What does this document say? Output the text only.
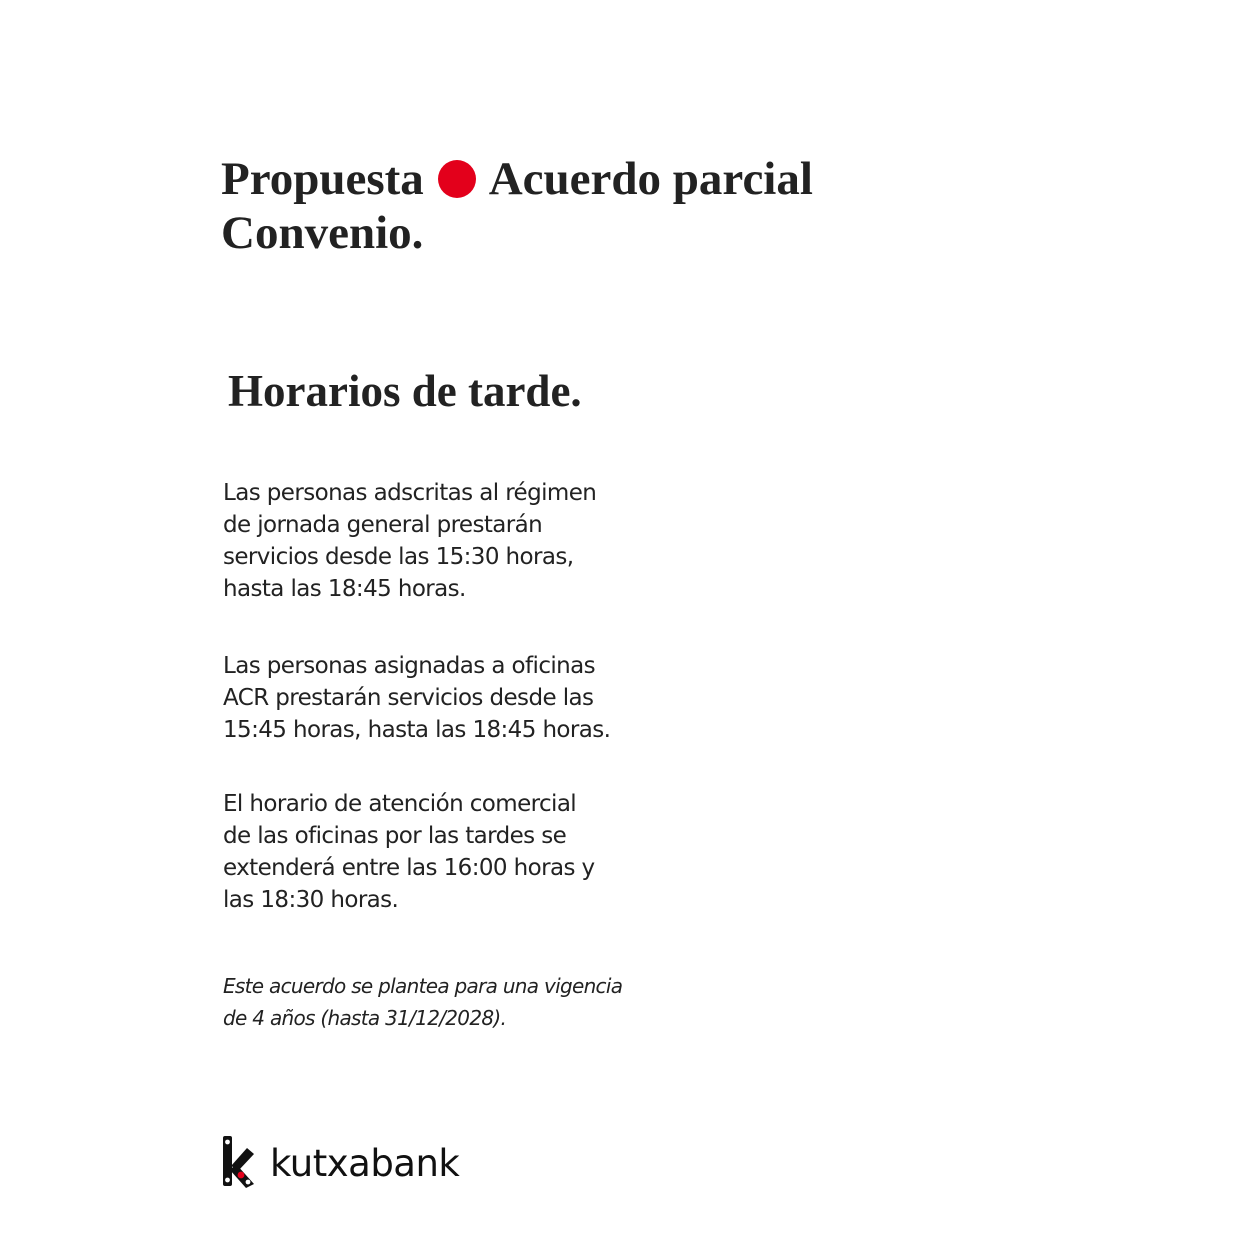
Propuesta Acuerdo parcial Convenio.
Horarios de tarde.

Las personas adscritas al régimen
de jornada general prestarán
servicios desde las 15:30 horas,
hasta las 18:45 horas.

Las personas asignadas a oficinas
ACR prestarán servicios desde las
15:45 horas, hasta las 18:45 horas.

El horario de atención comercial
de las oficinas por las tardes se
extenderá entre las 16:00 horas y
las 18:30 horas.

Este acuerdo se plantea para una vigencia
de 4 años (hasta 31/12/2028).

kutxabank
